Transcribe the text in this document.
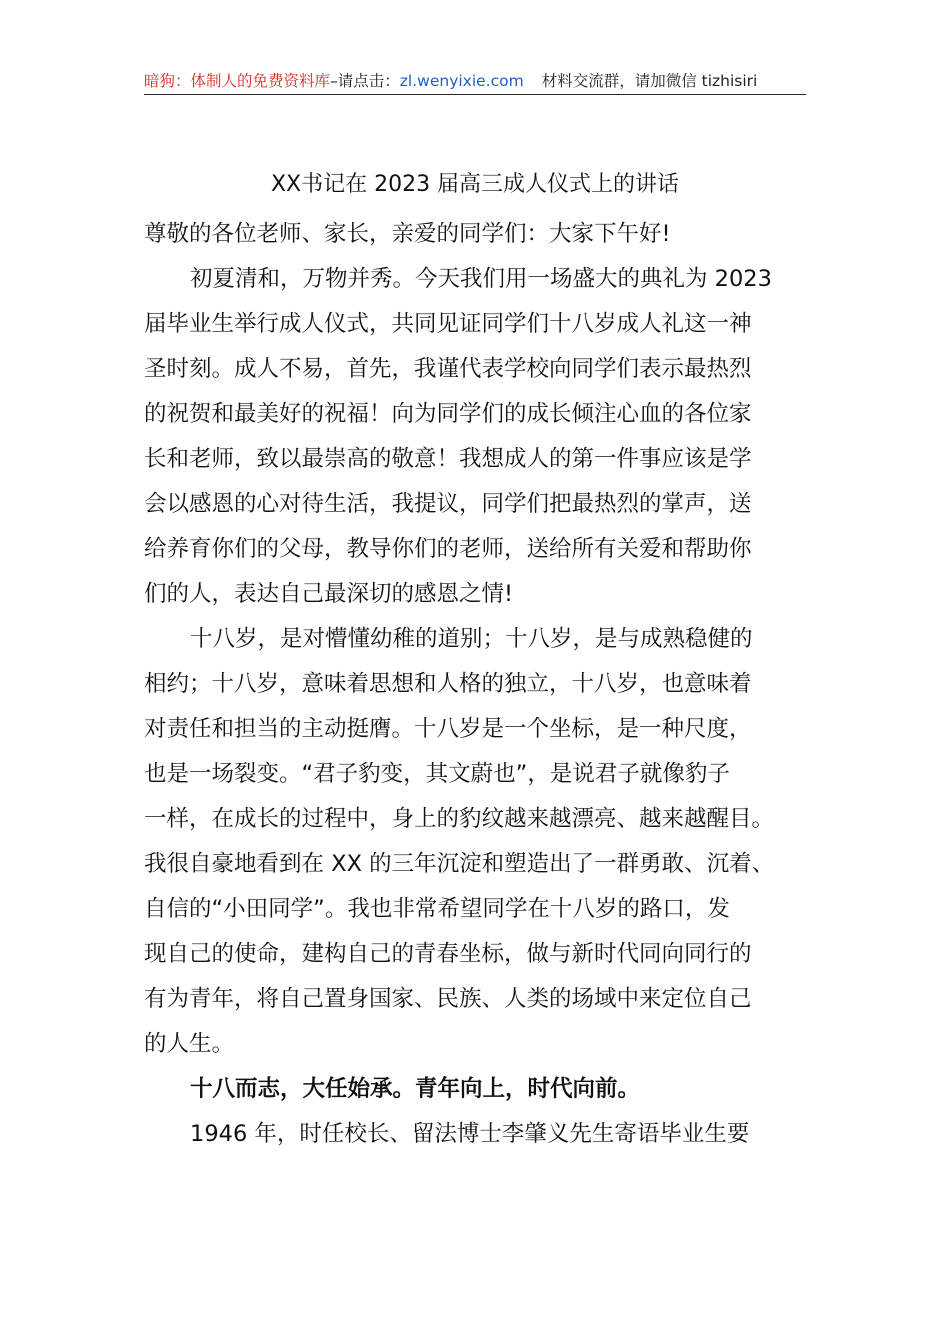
暗狗：体制人的免费资料库–请点击：zl.wenyixie.com 材料交流群，请加微信 tizhisiri
XX书记在 2023 届高三成人仪式上的讲话
尊敬的各位老师、家长，亲爱的同学们：大家下午好!
初夏清和，万物并秀。今天我们用一场盛大的典礼为 2023
届毕业生举行成人仪式，共同见证同学们十八岁成人礼这一神
圣时刻。成人不易，首先，我谨代表学校向同学们表示最热烈
的祝贺和最美好的祝福！向为同学们的成长倾注心血的各位家
长和老师，致以最崇高的敬意！我想成人的第一件事应该是学
会以感恩的心对待生活，我提议，同学们把最热烈的掌声，送
给养育你们的父母，教导你们的老师，送给所有关爱和帮助你
们的人，表达自己最深切的感恩之情!
十八岁，是对懵懂幼稚的道别；十八岁，是与成熟稳健的
相约；十八岁，意味着思想和人格的独立，十八岁，也意味着
对责任和担当的主动挺膺。十八岁是一个坐标，是一种尺度，
也是一场裂变。“君子豹变，其文蔚也”，是说君子就像豹子
一样，在成长的过程中，身上的豹纹越来越漂亮、越来越醒目。
我很自豪地看到在 XX 的三年沉淀和塑造出了一群勇敢、沉着、
自信的“小田同学”。我也非常希望同学在十八岁的路口，发
现自己的使命，建构自己的青春坐标，做与新时代同向同行的
有为青年，将自己置身国家、民族、人类的场域中来定位自己
的人生。
十八而志，大任始承。青年向上，时代向前。
1946 年，时任校长、留法博士李肇义先生寄语毕业生要
